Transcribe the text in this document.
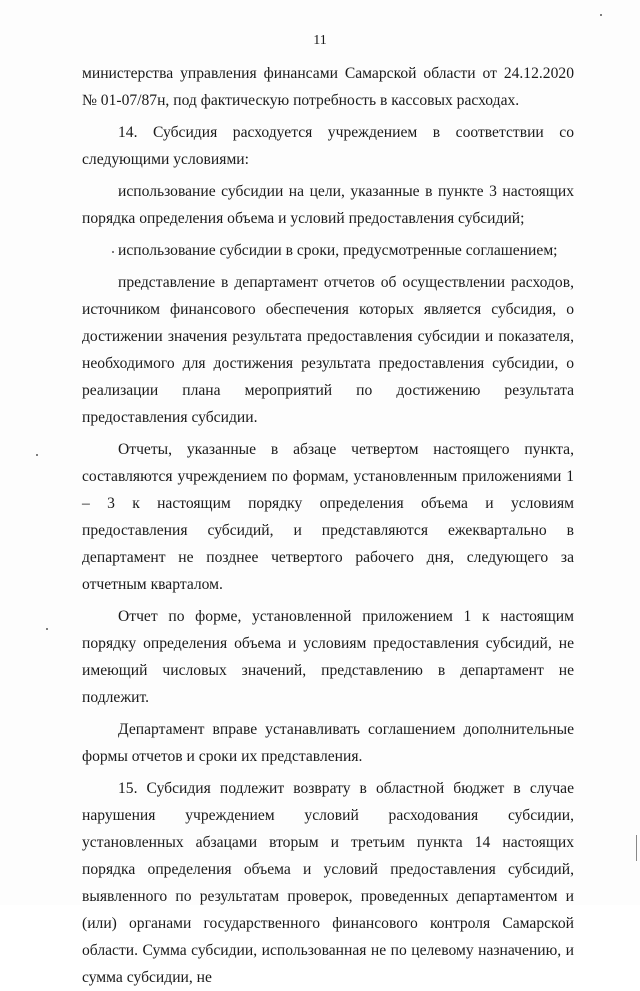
11

министерства управления финансами Самарской области от 24.12.2020 № 01-07/87н, под фактическую потребность в кассовых расходах.

14. Субсидия расходуется учреждением в соответствии со следующими условиями:

использование субсидии на цели, указанные в пункте 3 настоящих порядка определения объема и условий предоставления субсидий;

использование субсидии в сроки, предусмотренные соглашением;

представление в департамент отчетов об осуществлении расходов, источником финансового обеспечения которых является субсидия, о достижении значения результата предоставления субсидии и показателя, необходимого для достижения результата предоставления субсидии, о реализации плана мероприятий по достижению результата предоставления субсидии.

Отчеты, указанные в абзаце четвертом настоящего пункта, составляются учреждением по формам, установленным приложениями 1 – 3 к настоящим порядку определения объема и условиям предоставления субсидий, и представляются ежеквартально в департамент не позднее четвертого рабочего дня, следующего за отчетным кварталом.

Отчет по форме, установленной приложением 1 к настоящим порядку определения объема и условиям предоставления субсидий, не имеющий числовых значений, представлению в департамент не подлежит.

Департамент вправе устанавливать соглашением дополнительные формы отчетов и сроки их представления.

15. Субсидия подлежит возврату в областной бюджет в случае нарушения учреждением условий расходования субсидии, установленных абзацами вторым и третьим пункта 14 настоящих порядка определения объема и условий предоставления субсидий, выявленного по результатам проверок, проведенных департаментом и (или) органами государственного финансового контроля Самарской области. Сумма субсидии, использованная не по целевому назначению, и сумма субсидии, не
